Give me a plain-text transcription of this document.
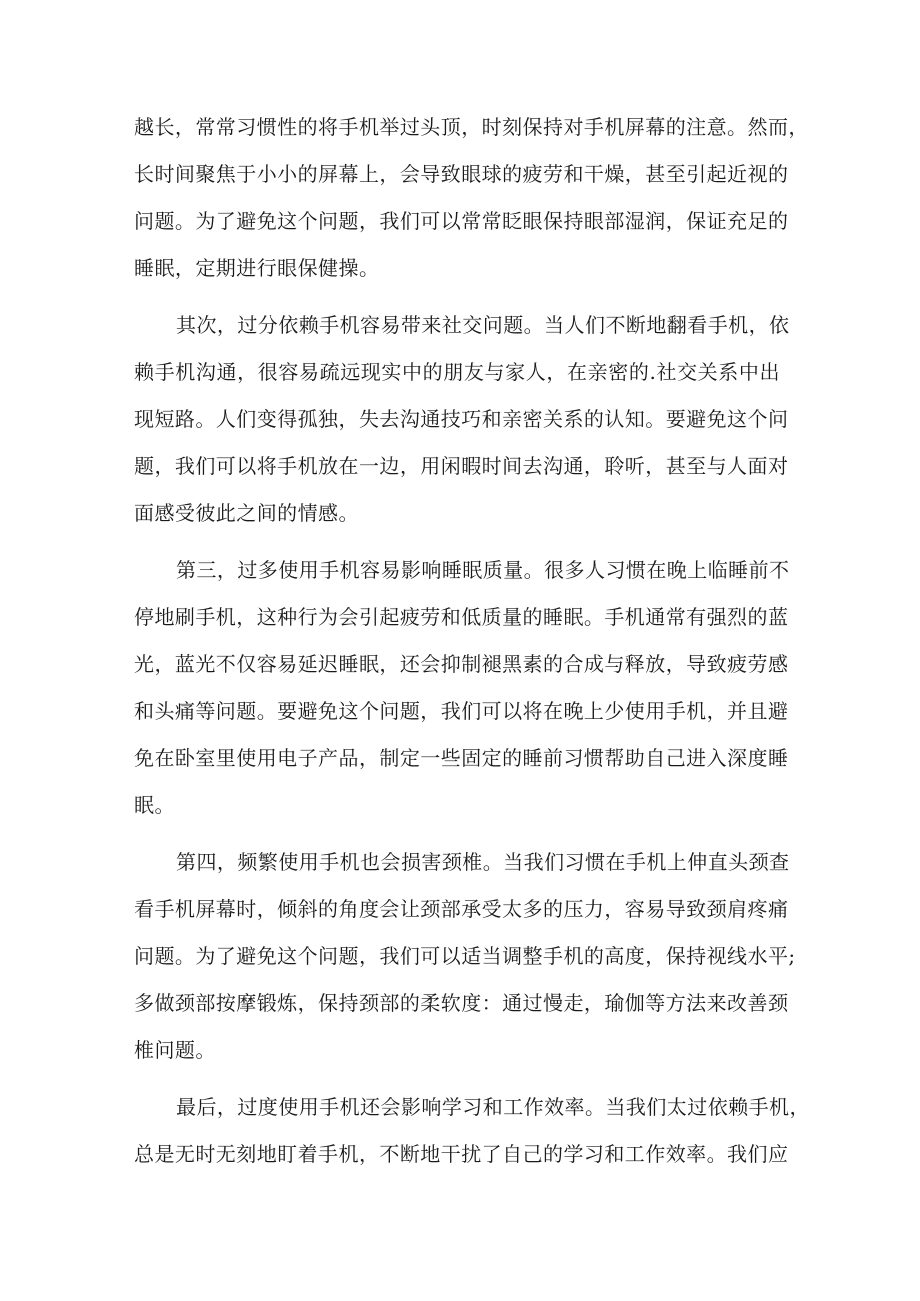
越长，常常习惯性的将手机举过头顶，时刻保持对手机屏幕的注意。然而，
长时间聚焦于小小的屏幕上，会导致眼球的疲劳和干燥，甚至引起近视的
问题。为了避免这个问题，我们可以常常眨眼保持眼部湿润，保证充足的
睡眠，定期进行眼保健操。
其次，过分依赖手机容易带来社交问题。当人们不断地翻看手机，依
赖手机沟通，很容易疏远现实中的朋友与家人，在亲密的.社交关系中出
现短路。人们变得孤独，失去沟通技巧和亲密关系的认知。要避免这个问
题，我们可以将手机放在一边，用闲暇时间去沟通，聆听，甚至与人面对
面感受彼此之间的情感。
第三，过多使用手机容易影响睡眠质量。很多人习惯在晚上临睡前不
停地刷手机，这种行为会引起疲劳和低质量的睡眠。手机通常有强烈的蓝
光，蓝光不仅容易延迟睡眠，还会抑制褪黑素的合成与释放，导致疲劳感
和头痛等问题。要避免这个问题，我们可以将在晚上少使用手机，并且避
免在卧室里使用电子产品，制定一些固定的睡前习惯帮助自己进入深度睡
眠。
第四，频繁使用手机也会损害颈椎。当我们习惯在手机上伸直头颈查
看手机屏幕时，倾斜的角度会让颈部承受太多的压力，容易导致颈肩疼痛
问题。为了避免这个问题，我们可以适当调整手机的高度，保持视线水平;
多做颈部按摩锻炼，保持颈部的柔软度：通过慢走，瑜伽等方法来改善颈
椎问题。
最后，过度使用手机还会影响学习和工作效率。当我们太过依赖手机，
总是无时无刻地盯着手机，不断地干扰了自己的学习和工作效率。我们应
